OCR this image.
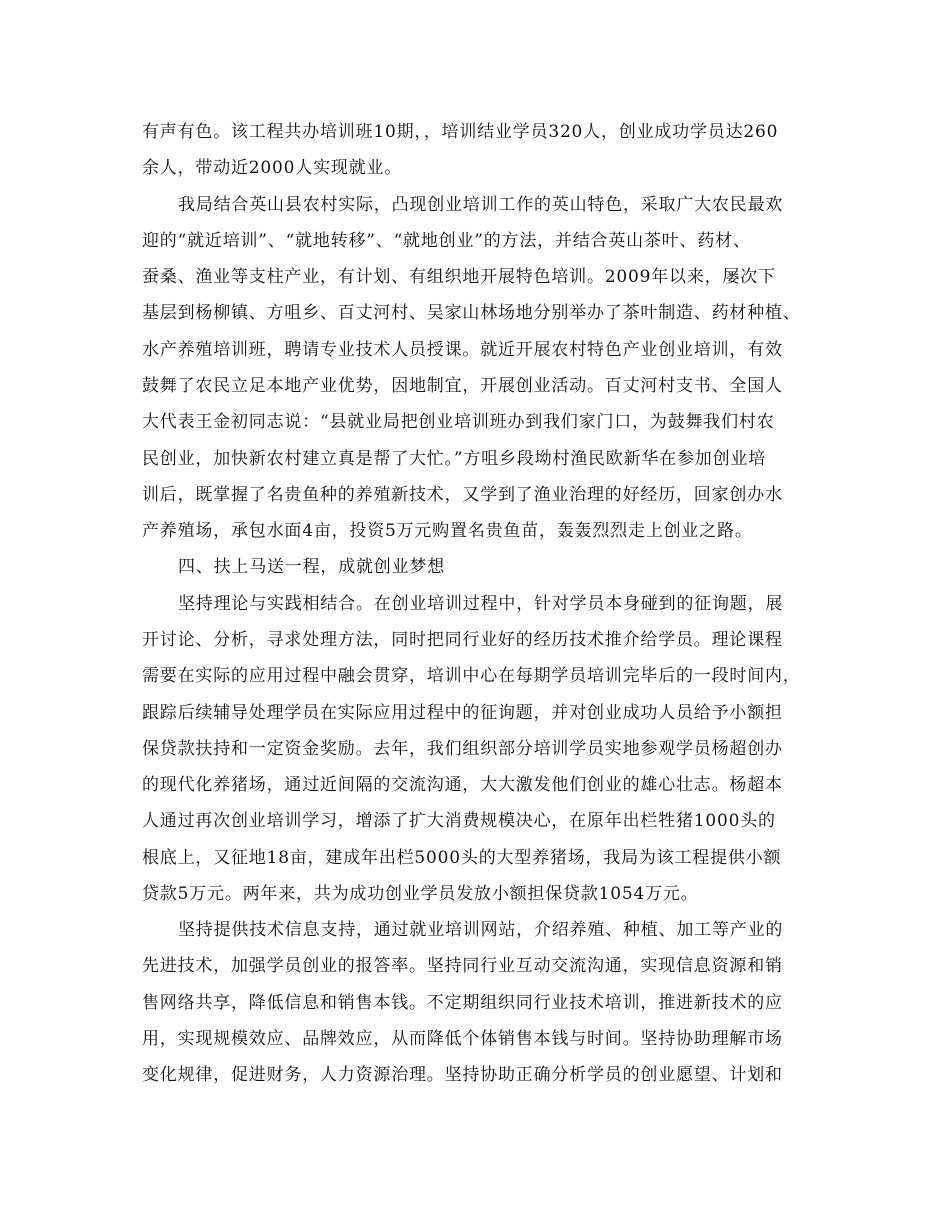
有声有色。该工程共办培训班10期，，培训结业学员320人，创业成功学员达260
余人，带动近2000人实现就业。
我局结合英山县农村实际，凸现创业培训工作的英山特色，采取广大农民最欢
迎的“就近培训”、“就地转移”、“就地创业”的方法，并结合英山茶叶、药材、
蚕桑、渔业等支柱产业，有计划、有组织地开展特色培训。2009年以来，屡次下
基层到杨柳镇、方咀乡、百丈河村、吴家山林场地分别举办了茶叶制造、药材种植、
水产养殖培训班，聘请专业技术人员授课。就近开展农村特色产业创业培训，有效
鼓舞了农民立足本地产业优势，因地制宜，开展创业活动。百丈河村支书、全国人
大代表王金初同志说：“县就业局把创业培训班办到我们家门口，为鼓舞我们村农
民创业，加快新农村建立真是帮了大忙。”方咀乡段坳村渔民欧新华在参加创业培
训后，既掌握了名贵鱼种的养殖新技术，又学到了渔业治理的好经历，回家创办水
产养殖场，承包水面4亩，投资5万元购置名贵鱼苗，轰轰烈烈走上创业之路。
四、扶上马送一程，成就创业梦想
坚持理论与实践相结合。在创业培训过程中，针对学员本身碰到的征询题，展
开讨论、分析，寻求处理方法，同时把同行业好的经历技术推介给学员。理论课程
需要在实际的应用过程中融会贯穿，培训中心在每期学员培训完毕后的一段时间内，
跟踪后续辅导处理学员在实际应用过程中的征询题，并对创业成功人员给予小额担
保贷款扶持和一定资金奖励。去年，我们组织部分培训学员实地参观学员杨超创办
的现代化养猪场，通过近间隔的交流沟通，大大激发他们创业的雄心壮志。杨超本
人通过再次创业培训学习，增添了扩大消费规模决心，在原年出栏牲猪1000头的
根底上，又征地18亩，建成年出栏5000头的大型养猪场，我局为该工程提供小额
贷款5万元。两年来，共为成功创业学员发放小额担保贷款1054万元。
坚持提供技术信息支持，通过就业培训网站，介绍养殖、种植、加工等产业的
先进技术，加强学员创业的报答率。坚持同行业互动交流沟通，实现信息资源和销
售网络共享，降低信息和销售本钱。不定期组织同行业技术培训，推进新技术的应
用，实现规模效应、品牌效应，从而降低个体销售本钱与时间。坚持协助理解市场
变化规律，促进财务，人力资源治理。坚持协助正确分析学员的创业愿望、计划和
